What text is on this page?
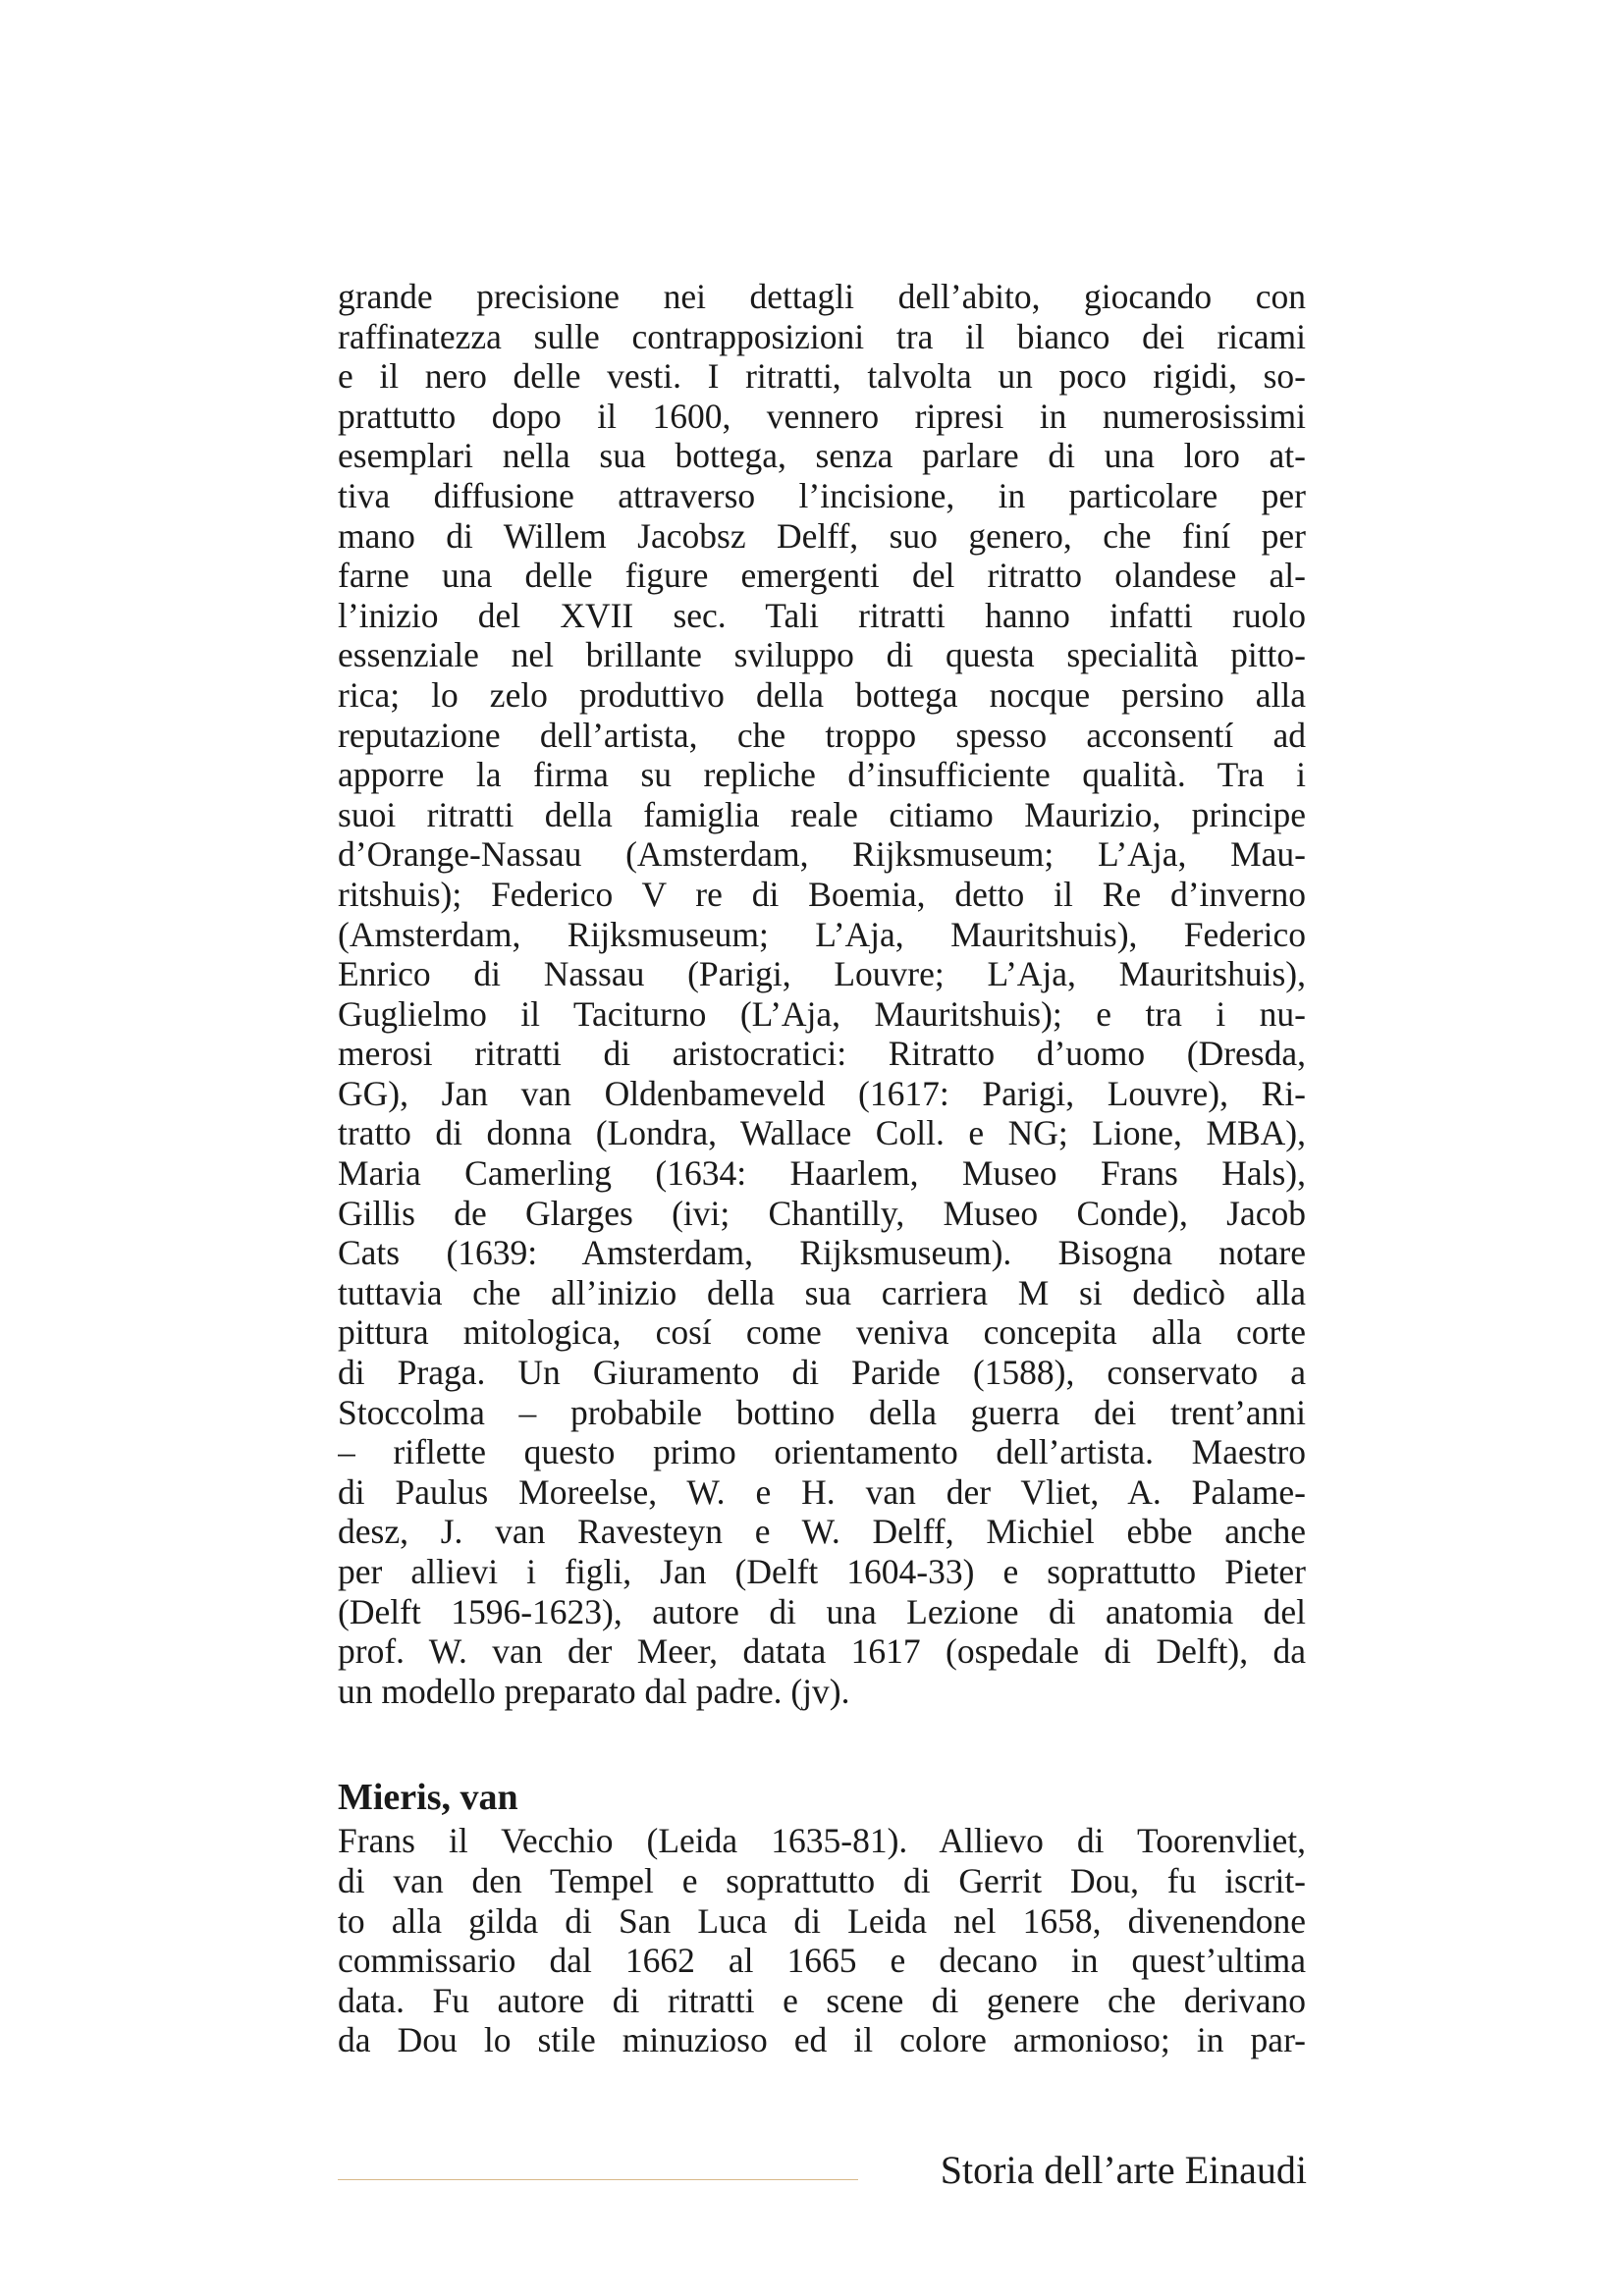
grande precisione nei dettagli dell’abito, giocando con
raffinatezza sulle contrapposizioni tra il bianco dei ricami
e il nero delle vesti. I ritratti, talvolta un poco rigidi, so-
prattutto dopo il 1600, vennero ripresi in numerosissimi
esemplari nella sua bottega, senza parlare di una loro at-
tiva diffusione attraverso l’incisione, in particolare per
mano di Willem Jacobsz Delff, suo genero, che finí per
farne una delle figure emergenti del ritratto olandese al-
l’inizio del XVII sec. Tali ritratti hanno infatti ruolo
essenziale nel brillante sviluppo di questa specialità pitto-
rica; lo zelo produttivo della bottega nocque persino alla
reputazione dell’artista, che troppo spesso acconsentí ad
apporre la firma su repliche d’insufficiente qualità. Tra i
suoi ritratti della famiglia reale citiamo Maurizio, principe
d’Orange-Nassau (Amsterdam, Rijksmuseum; L’Aja, Mau-
ritshuis); Federico V re di Boemia, detto il Re d’inverno
(Amsterdam, Rijksmuseum; L’Aja, Mauritshuis), Federico
Enrico di Nassau (Parigi, Louvre; L’Aja, Mauritshuis),
Guglielmo il Taciturno (L’Aja, Mauritshuis); e tra i nu-
merosi ritratti di aristocratici: Ritratto d’uomo (Dresda,
GG), Jan van Oldenbameveld (1617: Parigi, Louvre), Ri-
tratto di donna (Londra, Wallace Coll. e NG; Lione, MBA),
Maria Camerling (1634: Haarlem, Museo Frans Hals),
Gillis de Glarges (ivi; Chantilly, Museo Conde), Jacob
Cats (1639: Amsterdam, Rijksmuseum). Bisogna notare
tuttavia che all’inizio della sua carriera M si dedicò alla
pittura mitologica, cosí come veniva concepita alla corte
di Praga. Un Giuramento di Paride (1588), conservato a
Stoccolma – probabile bottino della guerra dei trent’anni
– riflette questo primo orientamento dell’artista. Maestro
di Paulus Moreelse, W. e H. van der Vliet, A. Palame-
desz, J. van Ravesteyn e W. Delff, Michiel ebbe anche
per allievi i figli, Jan (Delft 1604-33) e soprattutto Pieter
(Delft 1596-1623), autore di una Lezione di anatomia del
prof. W. van der Meer, datata 1617 (ospedale di Delft), da
un modello preparato dal padre. (jv).

Mieris, van

Frans il Vecchio (Leida 1635-81). Allievo di Toorenvliet,
di van den Tempel e soprattutto di Gerrit Dou, fu iscrit-
to alla gilda di San Luca di Leida nel 1658, divenendone
commissario dal 1662 al 1665 e decano in quest’ultima
data. Fu autore di ritratti e scene di genere che derivano
da Dou lo stile minuzioso ed il colore armonioso; in par-

Storia dell’arte Einaudi
